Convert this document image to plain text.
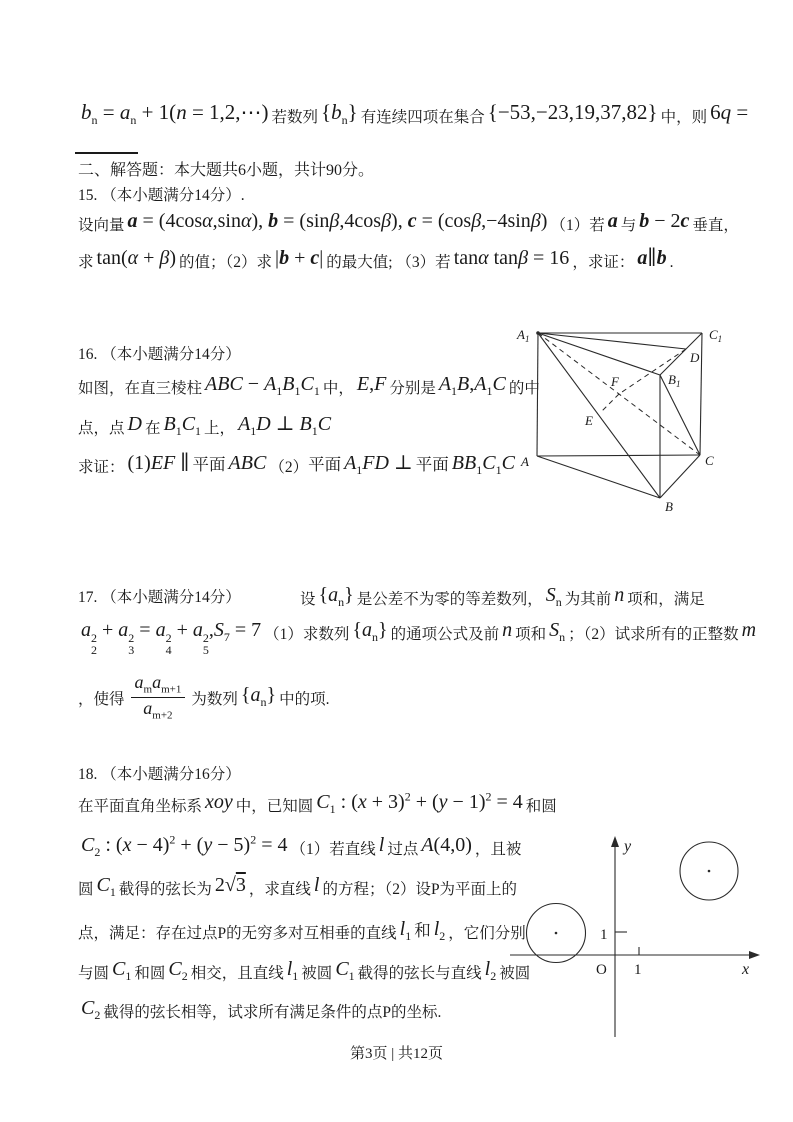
$b_n = a_n + 1(n$ = 1,2,⋯) 若数列 $\{b_n\}$ 有连续四项在集合 {−53,−23,19,37,82} 中，则 6q =
二、解答题：本大题共6小题，共计90分。
15. （本小题满分14分）.
设向量 a = (4cosα,sinα), b = (sinβ,4cosβ), c = (cosβ,−4sinβ) （1）若 a 与 b − 2c 垂直，
求 tan(α + β) 的值；（2）求 |b + c| 的最大值; （3）若 tanα tanβ = 16 ，求证： a∥b .
16. （本小题满分14分）
如图，在直三棱柱 ABC − $A_1B_1C_1$ 中， E,F 分别是 $A_1B,A_1C$ 的中
点，点 D 在 $B_1C_1$ 上， $A_1D$ ⊥ $B_1C$
求证： (1)EF ∥ 平面 ABC （2）平面 $A_1FD$ ⊥ 平面 $BB_1C_1C$
$A_1$	$C_1$
$B_1$
D
F
E
A	C
B
17. （本小题满分14分）	设 $\{a_n\}$ 是公差不为零的等差数列， $S_n$ 为其前 n 项和，满足
a 2
2
+ a 2
3
= a 2
4
+ a 2
5
$,S_7 = 7$ （1）求数列 $\{a_n\}$ 的通项公式及前 n 项和 $S_n$ ；（2）试求所有的正整数 m
，使得 $\frac{a_ma_{m+1}}{a_{m+2}}$ 为数列 $\{a_n\}$ 中的项.
18. （本小题满分16分）
在平面直角坐标系 xoy 中，已知圆 $C_1$ : $(x + 3)^2 + (y - 1)^2 = 4$ 和圆
$C_2$ : $(x - 4)^2 + (y - 5)^2 = 4$ （1）若直线 l 过点 A(4,0) ，且被
圆 $C_1$ 截得的弦长为 2√3 ，求直线 l 的方程；（2）设P为平面上的
点，满足：存在过点P的无穷多对互相垂的直线 $l_1$ 和 $l_2$ ，它们分别
与圆 $C_1$ 和圆 $C_2$ 相交，且直线 $l_1$ 被圆 $C_1$ 截得的弦长与直线 $l_2$ 被圆
$C_2$ 截得的弦长相等，试求所有满足条件的点P的坐标.
y
x
O 1
1
第3页 | 共12页
